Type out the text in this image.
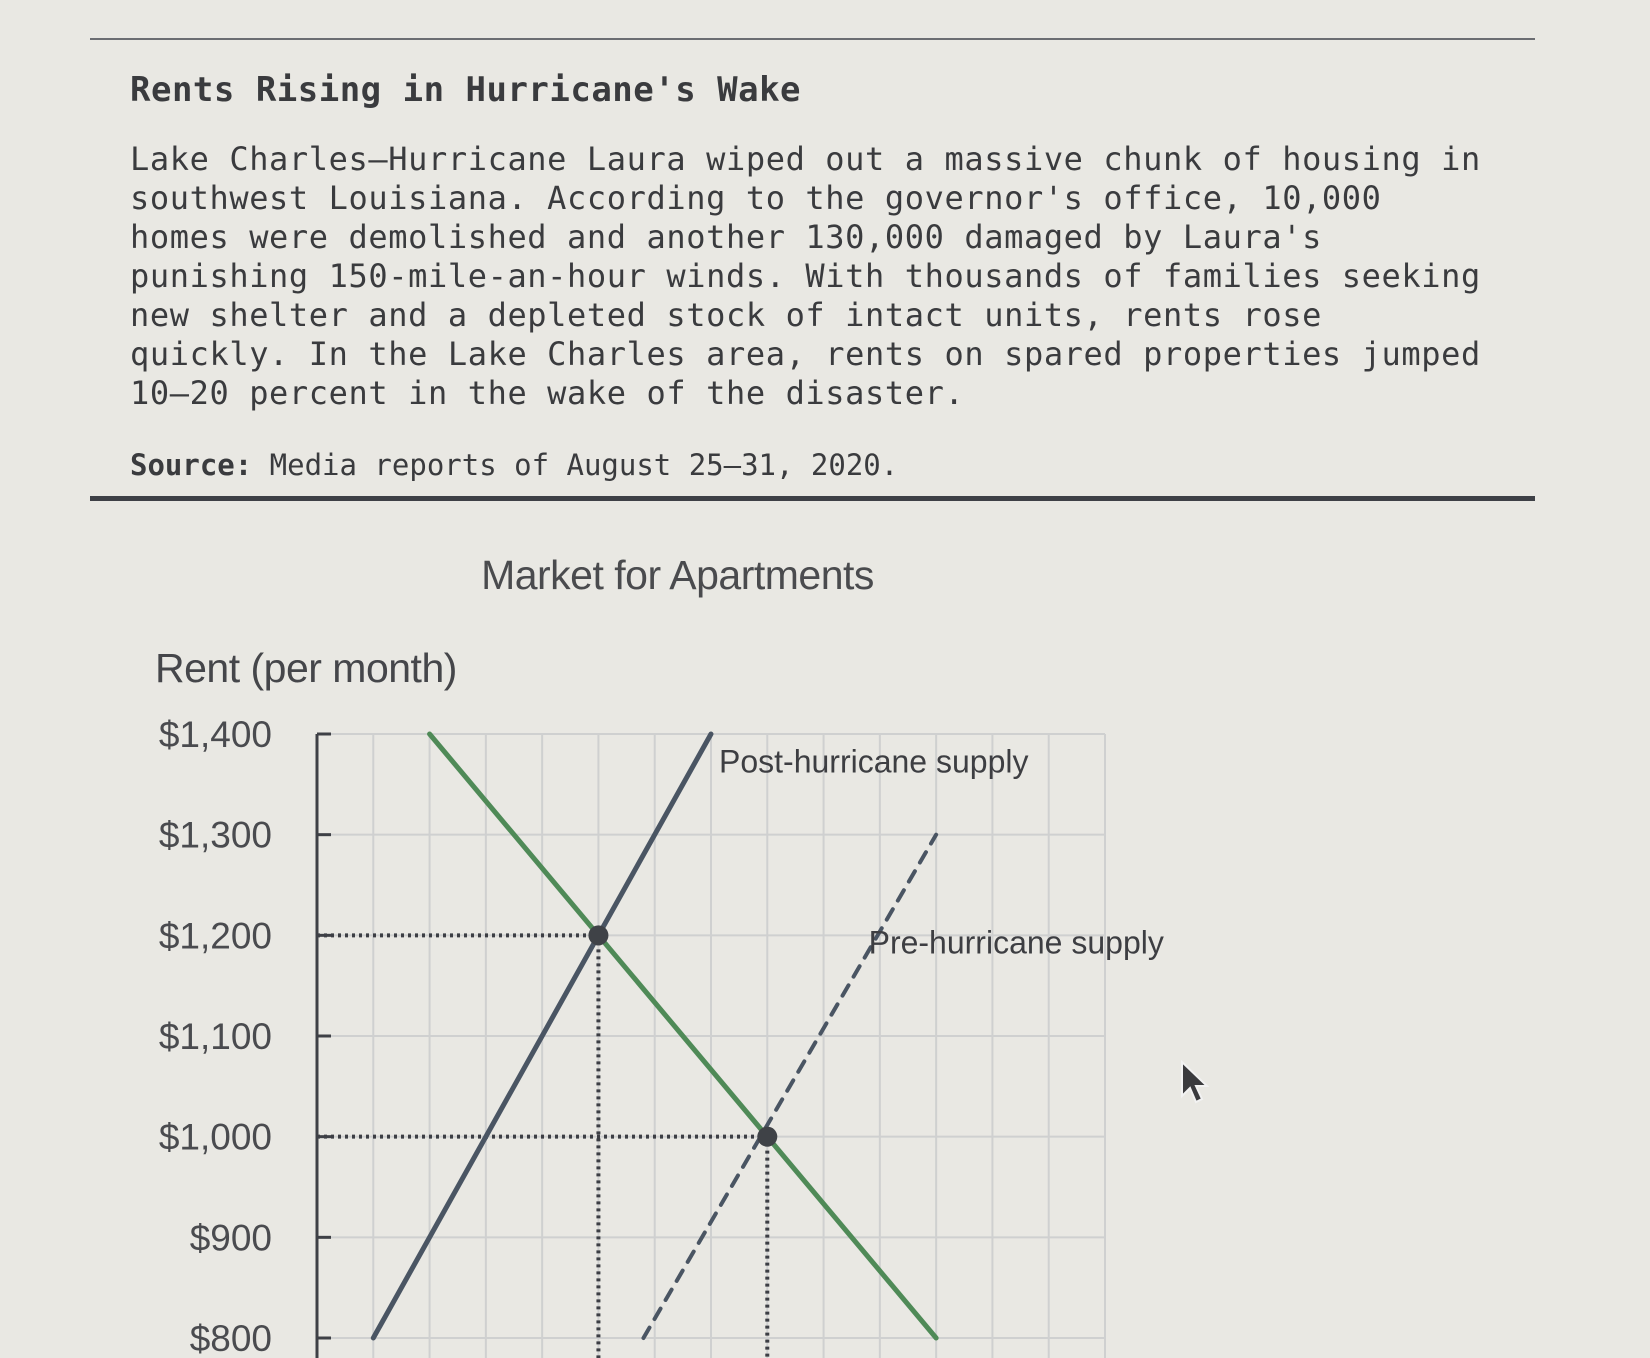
Rents Rising in Hurricane's Wake

Lake Charles—Hurricane Laura wiped out a massive chunk of housing in
southwest Louisiana. According to the governor's office, 10,000
homes were demolished and another 130,000 damaged by Laura's
punishing 150-mile-an-hour winds. With thousands of families seeking
new shelter and a depleted stock of intact units, rents rose
quickly. In the Lake Charles area, rents on spared properties jumped
10–20 percent in the wake of the disaster.

Source: Media reports of August 25–31, 2020.
Market for Apartments
Rent (per month)
$1,400
$1,300
$1,200
$1,100
$1,000
$900
$800
Post-hurricane supply
Pre-hurricane supply
